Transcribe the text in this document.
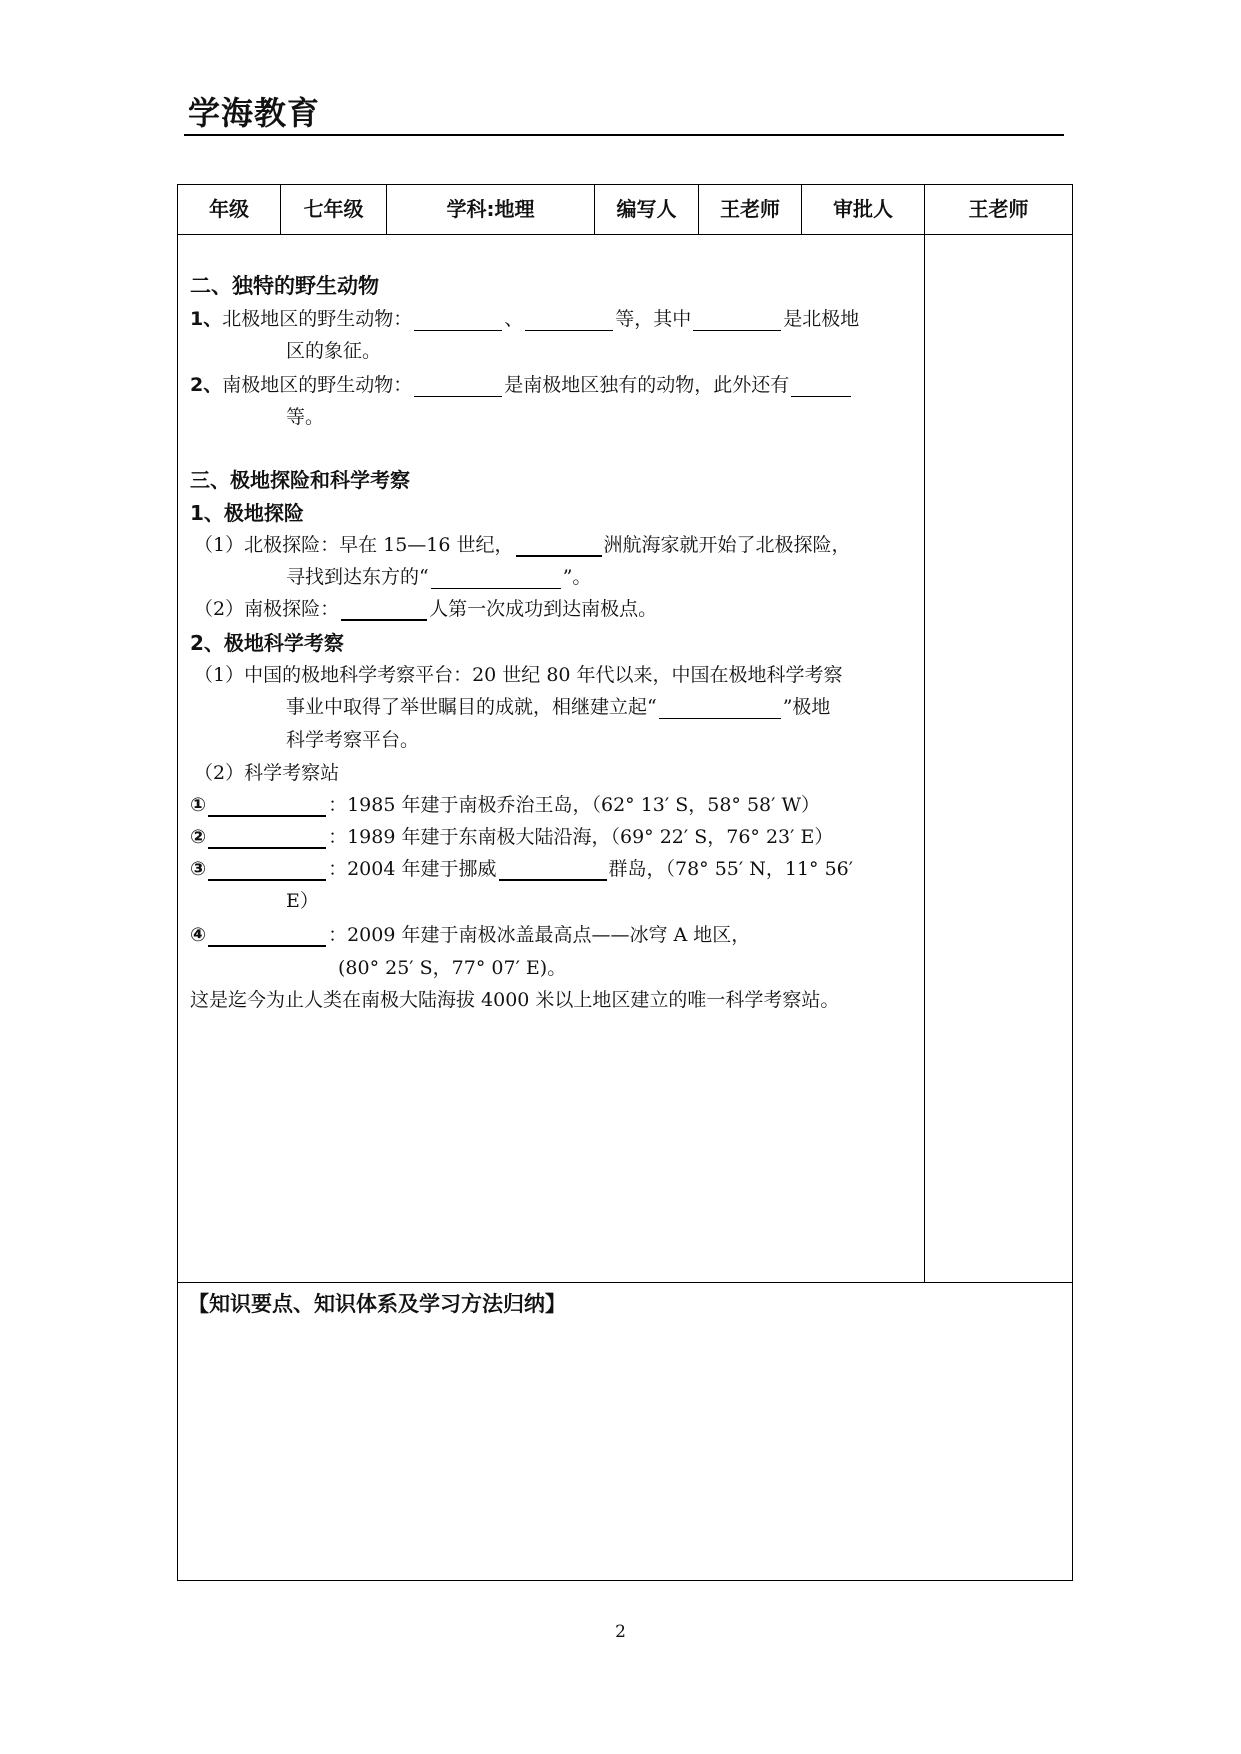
学海教育
年级	七年级	学科:地理	编写人	王老师	审批人	王老师
二、独特的野生动物
1、北极地区的野生动物：	、	等，其中	是北极地
区的象征。
2、南极地区的野生动物：	是南极地区独有的动物，此外还有
等。
三、极地探险和科学考察
1、极地探险
（1）北极探险：早在 15—16 世纪，	洲航海家就开始了北极探险，
寻找到达东方的“	”。
（2）南极探险：	人第一次成功到达南极点。
2、极地科学考察
（1）中国的极地科学考察平台：20 世纪 80 年代以来，中国在极地科学考察
事业中取得了举世瞩目的成就，相继建立起“	”极地
科学考察平台。
（2）科学考察站
①	：1985 年建于南极乔治王岛，（62° 13′ S，58° 58′ W）
②	：1989 年建于东南极大陆沿海，（69° 22′ S，76° 23′ E）
③	：2004 年建于挪威	群岛，（78° 55′ N，11° 56′
E）
④	：2009 年建于南极冰盖最高点——冰穹 A 地区，
(80° 25′ S，77° 07′ E)。
这是迄今为止人类在南极大陆海拔 4000 米以上地区建立的唯一科学考察站。
【知识要点、知识体系及学习方法归纳】
2
